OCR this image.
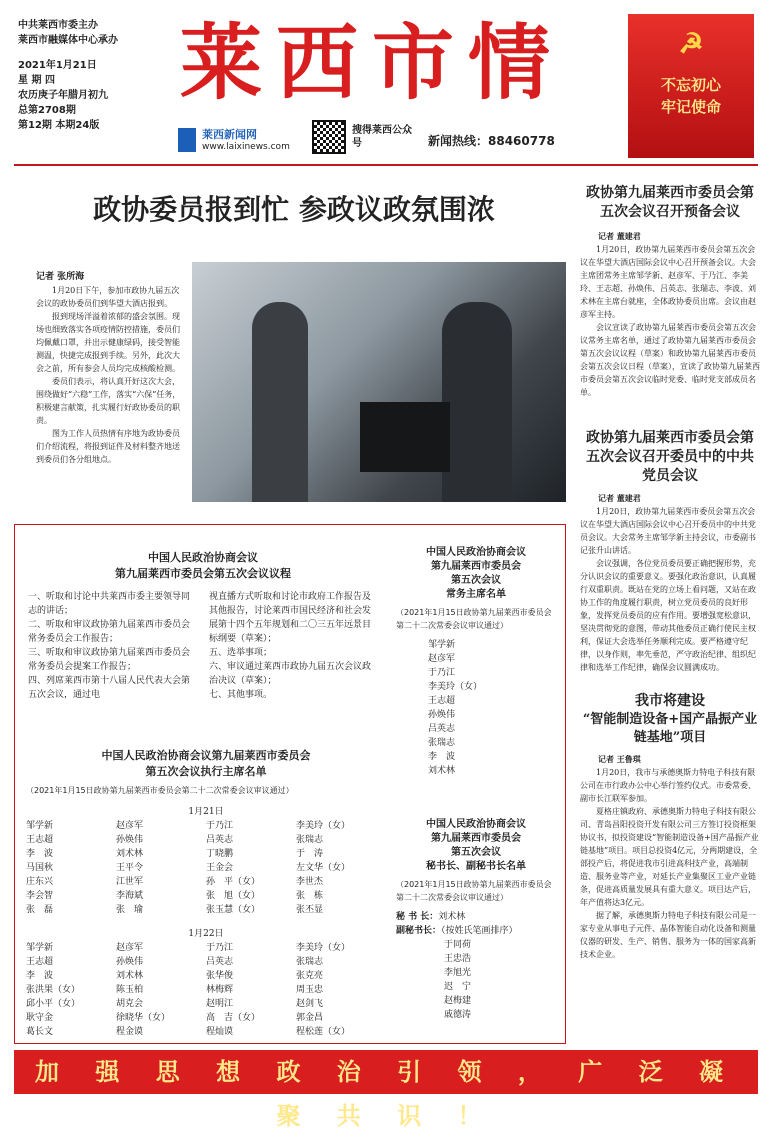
中共莱西市委主办
莱西市融媒体中心承办
2021年1月21日
星 期 四
农历庚子年腊月初九
总第2708期
第12期 本期24版
莱西市情
莱西新闻网
www.laixinews.com
搜得莱西公众号	新闻热线：88460778
☭
不忘初心
牢记使命
政协委员报到忙 参政议政氛围浓
记者 张所海

1月20日下午，参加市政协九届五次会议的政协委员们到华望大酒店报到。

报到现场洋溢着浓郁的盛会氛围。现场也细致落实各项疫情防控措施，委员们均佩戴口罩，并出示健康绿码，接受智能测温，快捷完成报到手续。另外，此次大会之前，所有参会人员均完成核酸检测。

委员们表示，将认真开好这次大会，围绕做好“六稳”工作，落实“六保”任务，积极建言献策，扎实履行好政协委员的职责。

图为工作人员热情有序地为政协委员们介绍流程，将报到证件及材料整齐地送到委员们各分组地点。

政协第九届莱西市委员会第五次会议召开预备会议
记者 董建君

1月20日，政协第九届莱西市委员会第五次会议在华望大酒店国际会议中心召开预备会议。大会主席团常务主席邹学新、赵彦军、于乃江、李美玲、王志超、孙焕伟、吕英志、张瑞志、李波、刘术林在主席台就座，全体政协委员出席。会议由赵彦军主持。

会议宣读了政协第九届莱西市委员会第五次会议常务主席名单，通过了政协第九届莱西市委员会第五次会议议程（草案）和政协第九届莱西市委员会第五次会议日程（草案），宣读了政协第九届莱西市委员会第五次会议临时党委、临时党支部成员名单。

政协第九届莱西市委员会第五次会议召开委员中的中共党员会议
记者 董建君

1月20日，政协第九届莱西市委员会第五次会议在华望大酒店国际会议中心召开委员中的中共党员会议。大会常务主席邹学新主持会议，市委副书记张升山讲话。

会议强调，各位党员委员要正确把握形势，充分认识会议的重要意义。要强化政治意识，认真履行双重职责。既站在党的立场上看问题，又站在政协工作的角度履行职责，树立党员委员的良好形象，发挥党员委员的应有作用。要增强宽松意识，坚决贯彻党的意图，带动其他委员正确行使民主权利，保证大会选举任务顺利完成。要严格遵守纪律，以身作则，率先垂范，严守政治纪律、组织纪律和选举工作纪律，确保会议圆满成功。

我市将建设
“智能制造设备+国产晶振产业链基地”项目
记者 王鲁琪

1月20日，我市与承德奥斯力特电子科技有限公司在市行政办公中心举行签约仪式。市委常委、副市长江联军参加。

夏格庄镇政府、承德奥斯力特电子科技有限公司、青岛昌阳投资开发有限公司三方签订投资框架协议书，拟投资建设“智能制造设备+国产晶振产业链基地”项目。项目总投资4亿元，分两期建设，全部投产后，将促进我市引进高科技产业，高端制造、服务业等产业，对延长产业集聚区工业产业链条，促进高质量发展具有重大意义。项目达产后，年产值将达3亿元。

据了解，承德奥斯力特电子科技有限公司是一家专业从事电子元件、晶体智能自动化设备和测量仪器的研发、生产、销售、服务为一体的国家高新技术企业。

中国人民政治协商会议
第九届莱西市委员会第五次会议议程
一、听取和讨论中共莱西市委主要领导同志的讲话；
二、听取和审议政协第九届莱西市委员会常务委员会工作报告；
三、听取和审议政协第九届莱西市委员会常务委员会提案工作报告；
四、列席莱西市第十八届人民代表大会第五次会议，通过电
视直播方式听取和讨论市政府工作报告及其他报告，讨论莱西市国民经济和社会发展第十四个五年规划和二〇三五年远景目标纲要（草案）；
五、选举事项；
六、审议通过莱西市政协九届五次会议政治决议（草案）；
七、其他事项。
中国人民政治协商会议
第九届莱西市委员会
第五次会议
常务主席名单
（2021年1月15日政协第九届莱西市委员会第二十二次常委会议审议通过）
邹学新
赵彦军
于乃江
李美玲（女）
王志超
孙焕伟
吕英志
张瑞志
李　波
刘术林
中国人民政治协商会议第九届莱西市委员会
第五次会议执行主席名单
（2021年1月15日政协第九届莱西市委员会第二十二次常委会议审议通过）
1月21日
邹学新	赵彦军	于乃江	李美玲（女）
王志超	孙焕伟	吕英志	张瑞志
李　波	刘术林	丁晓鹏	于　涛
马国秋	王平令	王金会	左文华（女）
庄东兴	江世军	孙　平（女）	李世杰
李会智	李海斌	张　旭（女）	张　栋
张　磊	张　瑜	张玉慧（女）	张丕显
1月22日
邹学新	赵彦军	于乃江	李美玲（女）
王志超	孙焕伟	吕英志	张瑞志
李　波	刘术林	张华俊	张克亮
张洪果（女）	陈玉柏	林梅辉	周玉忠
邱小平（女）	胡克会	赵明江	赵剑飞
耿守金	徐晓华（女）	高　吉（女）	郭金昌
葛长文	程金谟	程灿谟	程松莲（女）
中国人民政治协商会议
第九届莱西市委员会
第五次会议
秘书长、副秘书长名单
（2021年1月15日政协第九届莱西市委员会第二十二次常委会议审议通过）
秘 书 长：刘术林
副秘书长：（按姓氏笔画排序）
于同荷
王忠浩
李旭光
迟　宁
赵梅建
戚德涛
加 强 思 想 政 治 引 领 ， 广 泛 凝 聚 共 识 ！
